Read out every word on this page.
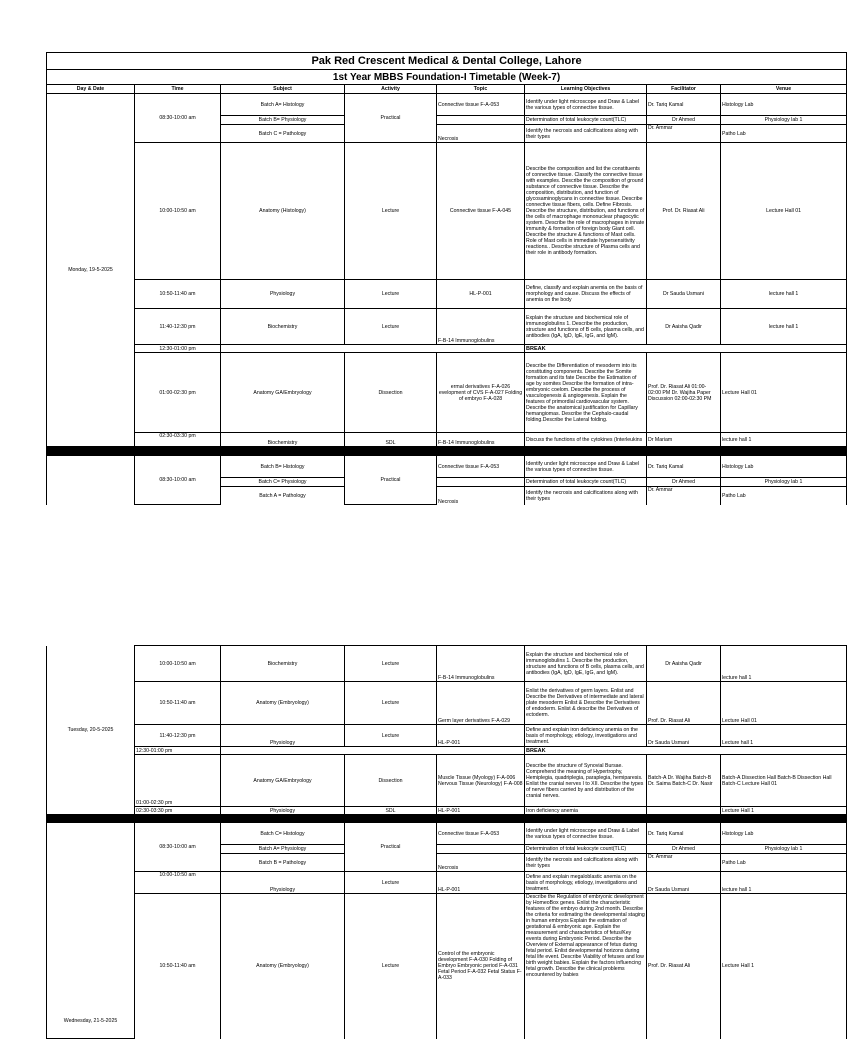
Pak Red Crescent Medical & Dental College, Lahore							
1st Year MBBS Foundation-I Timetable (Week-7)							
Day & Date	Time	Subject	Activity	Topic	Learning Objectives	Facilitator	Venue
Monday, 19-5-2025	08:30-10:00 am	Batch A= Histology	Practical	Connective tissue F-A-053	Identify under light microscope and Draw & Label the various types of connective tissue.	Dr. Tariq Kamal	Histology Lab
		Batch B= Physiology			Determination of total leukocyte count(TLC)	Dr Ahmed	Physiology lab 1
		Batch C = Pathology		Necrosis	Identify the necrosis and calcifications along with their types	Dr. Ammar	Patho Lab
	10:00-10:50 am	Anatomy (Histology)	Lecture	Connective tissue F-A-045	Describe the composition and list the constituents of connective tissue. Classify the connective tissue with examples. Describe the composition of ground substance of connective tissue. Describe the composition, distribution, and function of glycosaminoglycans in connective tissue. Describe connective tissue fibers, cells. Define Fibrosis. Describe the structure, distribution, and functions of the cells of macrophage mononuclear phagocytic system. Describe the role of macrophages in innate immunity & formation of foreign body Giant cell. Describe the structure & functions of Mast cells. Role of Mast cells in immediate hypersensitivity reactions.. Describe structure of Plasma cells and their role in antibody formation.	Prof. Dr. Riasat Ali	Lecture Hall 01
	10:50-11:40 am	Physiology	Lecture	HL-P-001	Define, classify and explain anemia on the basis of morphology and cause. Discuss the effects of anemia on the body	Dr Sauda Usmani	lecture hall 1
	11:40-12:30 pm	Biochemistry	Lecture	F-B-14 Immunoglobulins	Explain the structure and biochemical role of immunoglobulins 1. Describe the production, structure and functions of B cells, plasma cells, and antibodies (IgA, IgD, IgE, IgG, and IgM).	Dr Aaisha Qadir	lecture hall 1
	12:30-01:00 pm				BREAK		
	01:00-02:30 pm	Anatomy GA/Embryology	Dissection	ermal derivatives F-A-026 evelopment of CVS F-A-027 Folding of embryo F-A-028	Describe the Differentiation of mesoderm into its constituting components. Describe the Somite formation and its fate Describe the Estimation of age by somites Describe the formation of intra-embryonic coelom. Describe the process of vasculogenesis & angiogenesis. Explain the features of primordial cardiovascular system. Describe the anatomical justification for Capillary hemangiomas. Describe the Cephalo-caudal folding.Describe the Lateral folding.	Prof. Dr. Riasat Ali 01:00-02:00 PM Dr. Wajiha Paper Discussion 02:00-02:30 PM	Lecture Hall 01
	02:30-03:30 pm	Biochemistry	SDL	F-B-14 Immunoglobulins	Discuss the functions of the cytokines (Interleukins	Dr Mariam	lecture hall 1

	08:30-10:00 am	Batch B= Histology	Practical	Connective tissue F-A-053	Identify under light microscope and Draw & Label the various types of connective tissue.	Dr. Tariq Kamal	Histology Lab
		Batch C= Physiology			Determination of total leukocyte count(TLC)	Dr Ahmed	Physiology lab 1
		Batch A = Pathology		Necrosis	Identify the necrosis and calcifications along with their types	Dr. Ammar	Patho Lab
Tuesday, 20-5-2025	10:00-10:50 am	Biochemistry	Lecture	F-B-14 Immunoglobulins	Explain the structure and biochemical role of immunoglobulins 1. Describe the production, structure and functions of B cells, plasma cells, and antibodies (IgA, IgD, IgE, IgG, and IgM).	Dr Aaisha Qadir	lecture hall 1
	10:50-11:40 am	Anatomy (Embryology)	Lecture	Germ layer derivatives F-A-029	Enlist the derivatives of germ layers. Enlist and Describe the Derivatives of intermediate and lateral plate mesoderm Enlist & Describe the Derivatives of endoderm. Enlist & describe the Derivatives of ectoderm.	Prof. Dr. Riasat Ali	Lecture Hall 01
	11:40-12:30 pm	Physiology	Lecture	HL-P-001	Define and explain iron deficiency anemia on the basis of morphology, etiology, investigations and treatment.	Dr Sauda Usmani	Lecture hall 1
	12:30-01:00 pm				BREAK		
	01:00-02:30 pm	Anatomy GA/Embryology	Dissection	Muscle Tissue (Myology) F-A-006 Nervous Tissue (Neurology) F-A-008	Describe the structure of Synovial Bursae. Comprehend the meaning of Hypertrophy, Hemiplegia, quadriplegia, paraplegia, hemiparesis. Enlist the cranial nerves I to XII. Describe the types of nerve fibers carried by and distribution of the cranial nerves.	Batch-A Dr. Wajiha Batch-B Dr. Saima Batch-C Dr. Nasir	Batch-A Dissection Hall Batch-B Dissection Hall Batch-C Lecture Hall 01
	02:30-03:30 pm	Physiology	SDL	HL-P-001	Iron deficiency anemia		Lecture Hall 1

Wednesday, 21-5-2025	08:30-10:00 am	Batch C= Histology	Practical	Connective tissue F-A-053	Identify under light microscope and Draw & Label the various types of connective tissue.	Dr. Tariq Kamal	Histology Lab
		Batch A= Physiology			Determination of total leukocyte count(TLC)	Dr Ahmed	Physiology lab 1
		Batch B = Pathology		Necrosis	Identify the necrosis and calcifications along with their types	Dr. Ammar	Patho Lab
	10:00-10:50 am	Physiology	Lecture	HL-P-001	Define and explain megaloblastic anemia on the basis of morphology, etiology, investigations and treatment.	Dr Sauda Usmani	lecture hall 1
	10:50-11:40 am	Anatomy (Embryology)	Lecture	Control of the embryonic development F-A-030 Folding of Embryo Embryonic period F-A-031 Fetal Period F-A-032 Fetal Status F-A-033	Describe the Regulation of embryonic development by HomeoBox genes. Enlist the characteristic features of the embryo during 2nd month. Describe the criteria for estimating the developmental staging in human embryos Explain the estimation of gestational & embryonic age. Explain the measurement and characteristics of fetus/Key events during Embryonic Period. Describe the Overview of External appearance of fetus during fetal period. Enlist developmental horizons during fetal life event. Describe Viability of fetuses and low birth weight babies. Explain the factors influencing fetal growth. Describe the clinical problems encountered by babies	Prof. Dr. Riasat Ali	Lecture Hall 1
